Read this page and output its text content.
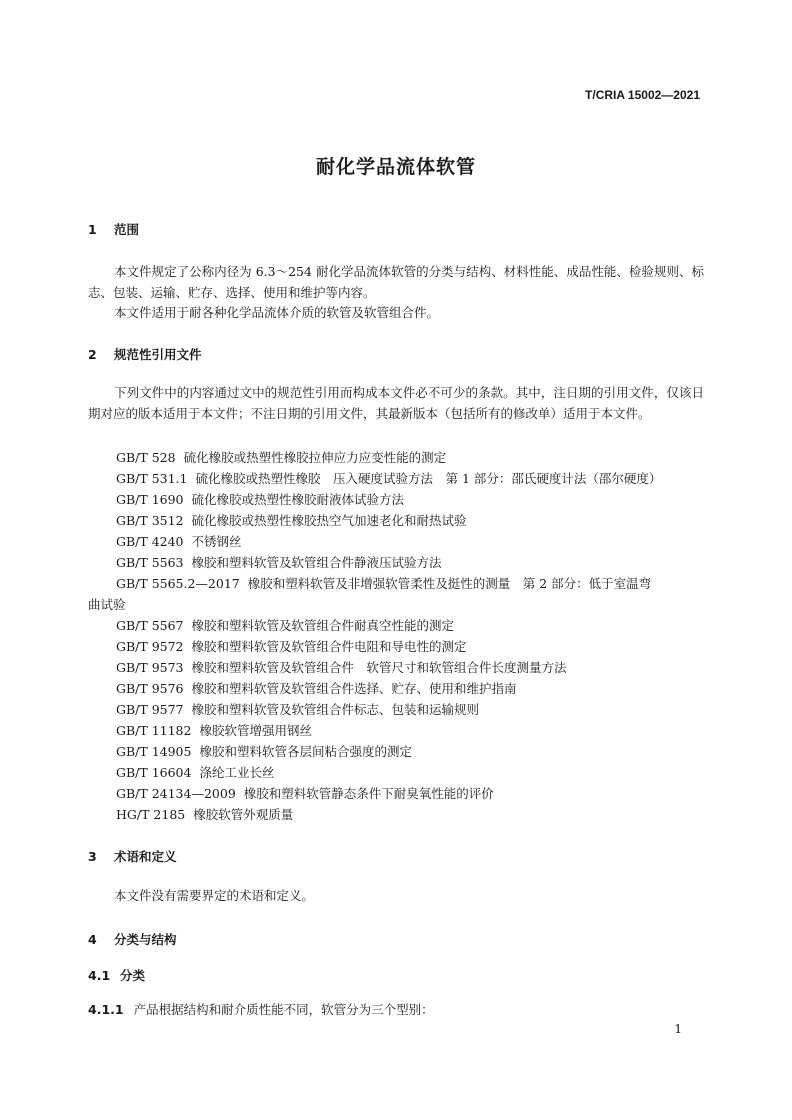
T/CRIA 15002—2021
耐化学品流体软管
1 范围
本文件规定了公称内径为 6.3～254 耐化学品流体软管的分类与结构、材料性能、成品性能、检验规则、标志、包装、运输、贮存、选择、使用和维护等内容。
本文件适用于耐各种化学品流体介质的软管及软管组合件。
2 规范性引用文件
下列文件中的内容通过文中的规范性引用而构成本文件必不可少的条款。其中，注日期的引用文件，仅该日期对应的版本适用于本文件；不注日期的引用文件，其最新版本（包括所有的修改单）适用于本文件。
GB/T 528 硫化橡胶或热塑性橡胶拉伸应力应变性能的测定
GB/T 531.1 硫化橡胶或热塑性橡胶　压入硬度试验方法　第 1 部分：邵氏硬度计法（邵尔硬度）
GB/T 1690 硫化橡胶或热塑性橡胶耐液体试验方法
GB/T 3512 硫化橡胶或热塑性橡胶热空气加速老化和耐热试验
GB/T 4240 不锈钢丝
GB/T 5563 橡胶和塑料软管及软管组合件静液压试验方法
GB/T 5565.2—2017 橡胶和塑料软管及非增强软管柔性及挺性的测量　第 2 部分：低于室温弯
曲试验
GB/T 5567 橡胶和塑料软管及软管组合件耐真空性能的测定
GB/T 9572 橡胶和塑料软管及软管组合件电阻和导电性的测定
GB/T 9573 橡胶和塑料软管及软管组合件　软管尺寸和软管组合件长度测量方法
GB/T 9576 橡胶和塑料软管及软管组合件选择、贮存、使用和维护指南
GB/T 9577 橡胶和塑料软管及软管组合件标志、包装和运输规则
GB/T 11182 橡胶软管增强用钢丝
GB/T 14905 橡胶和塑料软管各层间粘合强度的测定
GB/T 16604 涤纶工业长丝
GB/T 24134—2009 橡胶和塑料软管静态条件下耐臭氧性能的评价
HG/T 2185 橡胶软管外观质量
3 术语和定义
本文件没有需要界定的术语和定义。
4 分类与结构
4.1 分类
4.1.1 产品根据结构和耐介质性能不同，软管分为三个型别：
1
